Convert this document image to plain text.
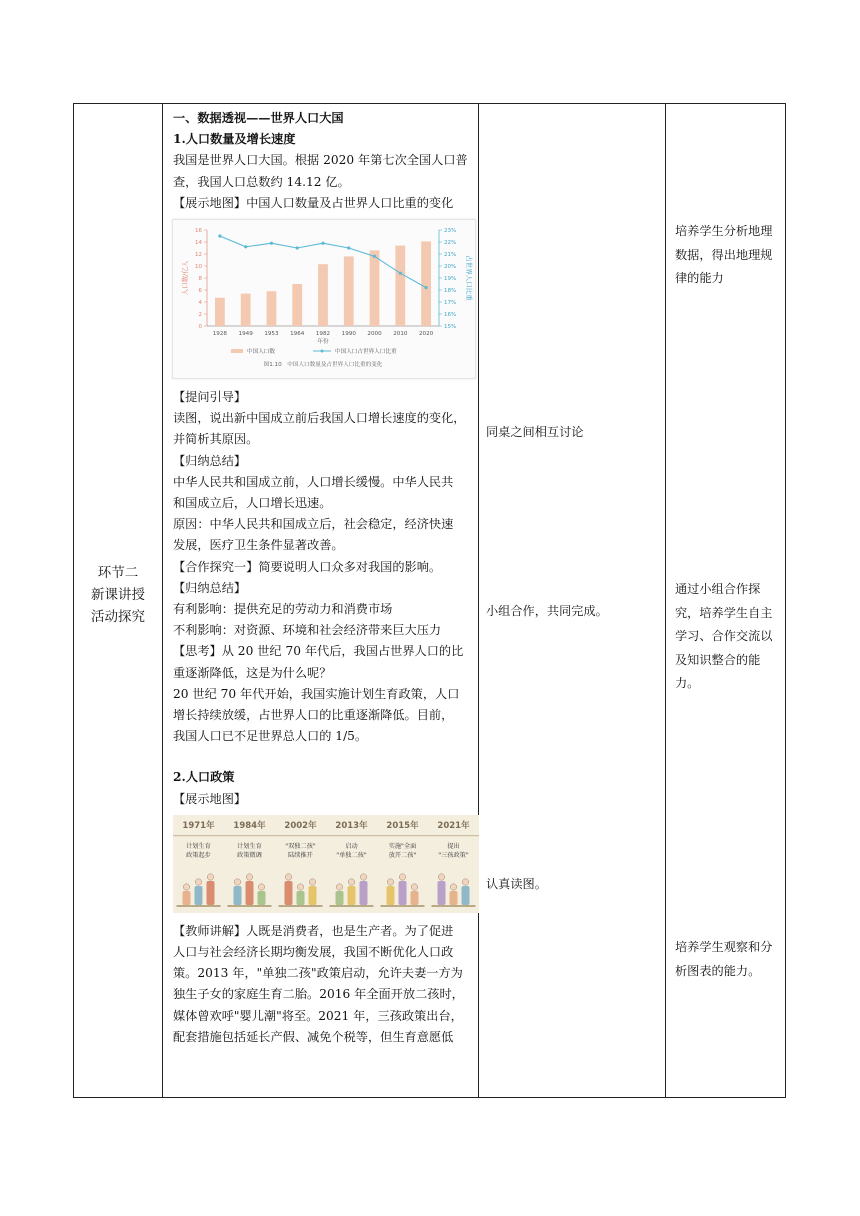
环节二
新课讲授
活动探究

一、数据透视——世界人口大国

1.人口数量及增长速度

我国是世界人口大国。根据 2020 年第七次全国人口普

查，我国人口总数约 14.12 亿。

【展示地图】中国人口数量及占世界人口比重的变化

0
2
4
6
8
10
12
14
16
15%
16%
17%
18%
19%
20%
21%
22%
23%
人口数/亿人	占世界人口比重
1928 1949 1953 1964 1982 1990 2000 2010 2020
年份
中国人口数	中国人口占世界人口比重
图1.10　中国人口数量及占世界人口比重的变化

【提问引导】

读图，说出新中国成立前后我国人口增长速度的变化，

并简析其原因。

【归纳总结】

中华人民共和国成立前，人口增长缓慢。中华人民共

和国成立后，人口增长迅速。

原因：中华人民共和国成立后，社会稳定，经济快速

发展，医疗卫生条件显著改善。

【合作探究一】简要说明人口众多对我国的影响。

【归纳总结】

有利影响：提供充足的劳动力和消费市场

不利影响：对资源、环境和社会经济带来巨大压力

【思考】从 20 世纪 70 年代后，我国占世界人口的比

重逐渐降低，这是为什么呢？

20 世纪 70 年代开始，我国实施计划生育政策，人口

增长持续放缓，占世界人口的比重逐渐降低。目前，

我国人口已不足世界总人口的 1/5。

2.人口政策

【展示地图】

1971年
计划生育
政策起步
1984年
计划生育
政策微调
2002年
"双独二孩"
陆续推开
2013年
启动
"单独二孩"
2015年
实施"全面
放开二孩"
2021年
提出
"三孩政策"

【教师讲解】人既是消费者，也是生产者。为了促进

人口与社会经济长期均衡发展，我国不断优化人口政

策。2013 年，"单独二孩"政策启动，允许夫妻一方为

独生子女的家庭生育二胎。2016 年全面开放二孩时，

媒体曾欢呼"婴儿潮"将至。2021 年，三孩政策出台，

配套措施包括延长产假、减免个税等，但生育意愿低

同桌之间相互讨论
小组合作，共同完成。
认真读图。
培养学生分析地理
数据，得出地理规
律的能力
通过小组合作探
究，培养学生自主
学习、合作交流以
及知识整合的能
力。
培养学生观察和分
析图表的能力。
